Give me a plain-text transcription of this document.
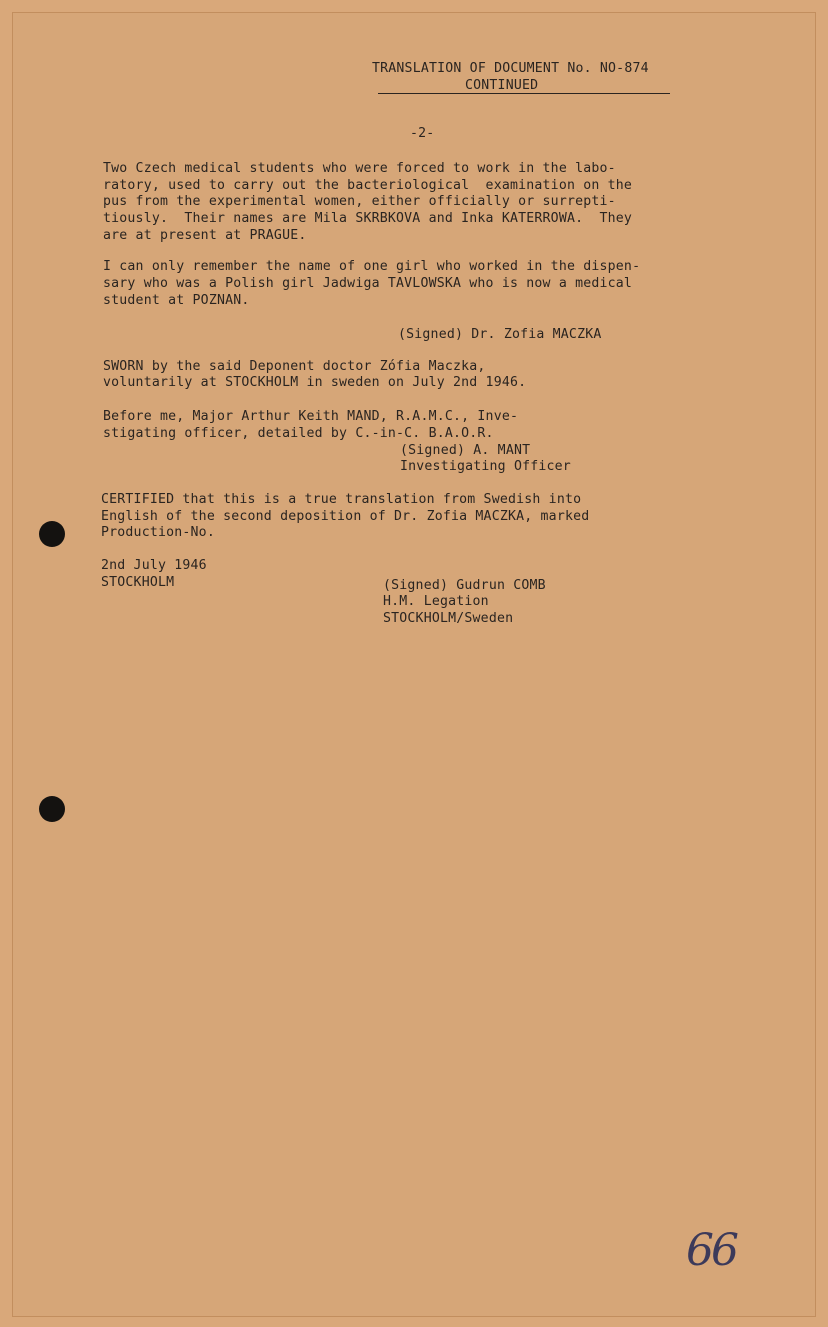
TRANSLATION OF DOCUMENT No. NO-874
CONTINUED
-2-
Two Czech medical students who were forced to work in the labo-
ratory, used to carry out the bacteriological  examination on the
pus from the experimental women, either officially or surrepti-
tiously.  Their names are Mila SKRBKOVA and Inka KATERROWA.  They
are at present at PRAGUE.
I can only remember the name of one girl who worked in the dispen-
sary who was a Polish girl Jadwiga TAVLOWSKA who is now a medical
student at POZNAN.
(Signed) Dr. Zofia MACZKA
SWORN by the said Deponent doctor Zófia Maczka,
voluntarily at STOCKHOLM in sweden on July 2nd 1946.
Before me, Major Arthur Keith MAND, R.A.M.C., Inve-
stigating officer, detailed by C.-in-C. B.A.O.R.
(Signed) A. MANT
Investigating Officer
CERTIFIED that this is a true translation from Swedish into
English of the second deposition of Dr. Zofia MACZKA, marked
Production-No.
2nd July 1946
STOCKHOLM	(Signed) Gudrun COMB
H.M. Legation
STOCKHOLM/Sweden
66
